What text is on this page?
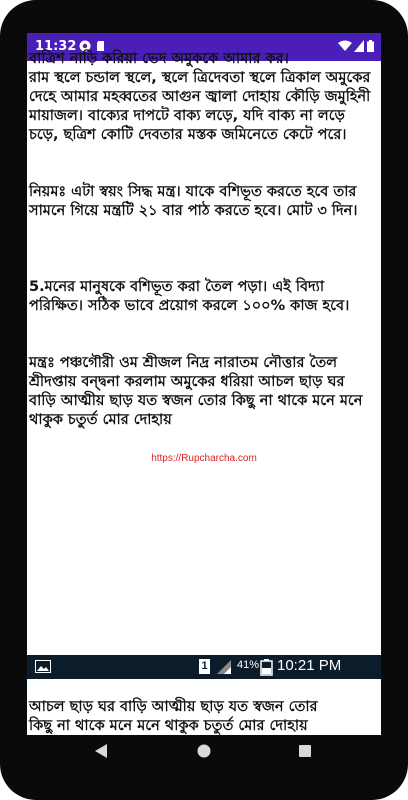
11:32
বাত্রিশ নাড়ি করিয়া ভেদ অমুককে আমার কর।
রাম স্থলে চন্ডাল স্থলে, স্থলে ত্রিদেবতা স্থলে ত্রিকাল অমুকের দেহে আমার মহব্বতের আগুন জ্বালা দোহায় কৌড়ি জমুহিনী মায়াজল। বাক্যের দাপটে বাক্য লড়ে, যদি বাক্য না লড়ে চড়ে, ছত্রিশ কোটি দেবতার মস্তক জমিনেতে কেটে পরে।
নিয়মঃ এটা স্বয়ং সিদ্ধ মন্ত্র। যাকে বশিভূত করতে হবে তার সামনে গিয়ে মন্ত্রটি ২১ বার পাঠ করতে হবে। মোট ৩ দিন।
5.মনের মানুষকে বশিভূত করা তৈল পড়া। এই বিদ্যা পরিক্ষিত। সঠিক ভাবে প্রয়োগ করলে ১০০% কাজ হবে।
মন্ত্রঃ পঞ্চগৌরী ওম শ্রীজল নিদ্র নারাতম নৌত্তার তৈল শ্রীদপ্তায় বন্দ্বনা করলাম অমুকের ধরিয়া আচল ছাড় ঘর বাড়ি আত্মীয় ছাড় যত স্বজন তোর কিছু না থাকে মনে মনে থাকুক চতুর্ত মোর দোহায়
https://Rupcharcha.com
1	41% 10:21 PM
আচল ছাড় ঘর বাড়ি আত্মীয় ছাড় যত স্বজন তোর
কিছু না থাকে মনে মনে থাকুক চতুর্ত মোর দোহায়
